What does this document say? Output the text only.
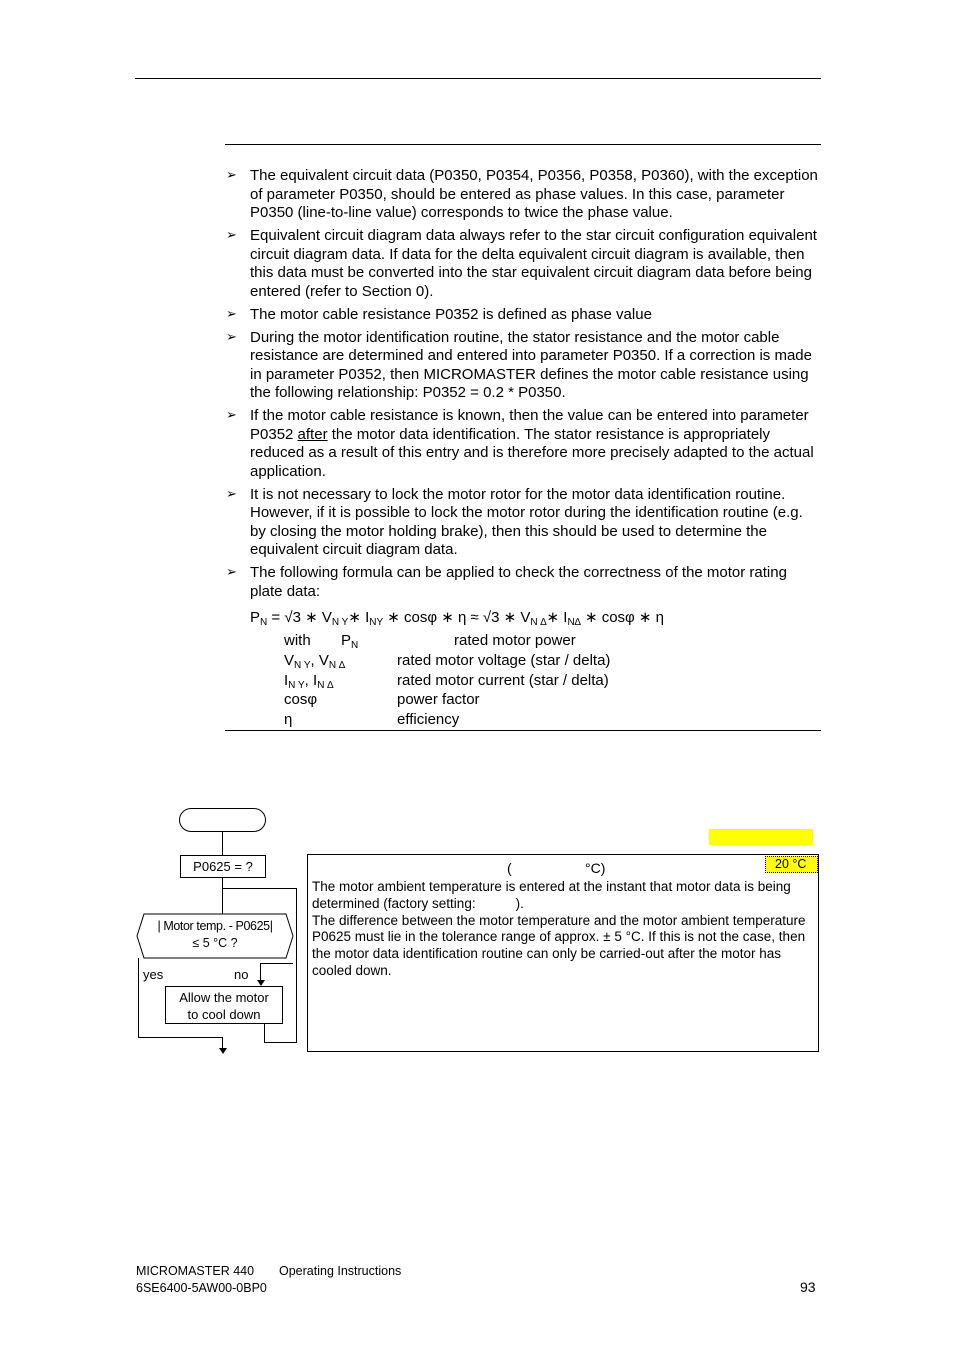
➢ The equivalent circuit data (P0350, P0354, P0356, P0358, P0360), with the exception of parameter P0350, should be entered as phase values. In this case, parameter P0350 (line-to-line value) corresponds to twice the phase value.
➢ Equivalent circuit diagram data always refer to the star circuit configuration equivalent circuit diagram data. If data for the delta equivalent circuit diagram is available, then this data must be converted into the star equivalent circuit diagram data before being entered (refer to Section 0).
➢ The motor cable resistance P0352 is defined as phase value
➢ During the motor identification routine, the stator resistance and the motor cable resistance are determined and entered into parameter P0350. If a correction is made in parameter P0352, then MICROMASTER defines the motor cable resistance using the following relationship: P0352 = 0.2 * P0350.
➢ If the motor cable resistance is known, then the value can be entered into parameter P0352 after the motor data identification. The stator resistance is appropriately reduced as a result of this entry and is therefore more precisely adapted to the actual application.
➢ It is not necessary to lock the motor rotor for the motor data identification routine. However, if it is possible to lock the motor rotor during the identification routine (e.g. by closing the motor holding brake), then this should be used to determine the equivalent circuit diagram data.
➢ The following formula can be applied to check the correctness of the motor rating plate data:
$P_N = √3$ ∗ $V_{N Y}∗$ $I_{NY}$ ∗ cosφ ∗ η ≈ √3 ∗ $V_{N \Delta}∗$ $I_{N\Delta}$ ∗ cosφ ∗ η
with $P_N$	rated motor power
$V_{N Y}$, $V_{N \Delta}$	rated motor voltage (star / delta)
$I_{N Y}$, $I_{N \Delta}$	rated motor current (star / delta)
cosφ	power factor
η	efficiency
P0625 = ?
| Motor temp. - P0625|
≤ 5 °C ?
yes	no
Allow the motor
to cool down
(	°C)	20 °C
The motor ambient temperature is entered at the instant that motor data is being determined (factory setting:	).
The difference between the motor temperature and the motor ambient temperature P0625 must lie in the tolerance range of approx. ± 5 °C. If this is not the case, then the motor data identification routine can only be carried-out after the motor has cooled down.
MICROMASTER 440 Operating Instructions
6SE6400-5AW00-0BP0	93
